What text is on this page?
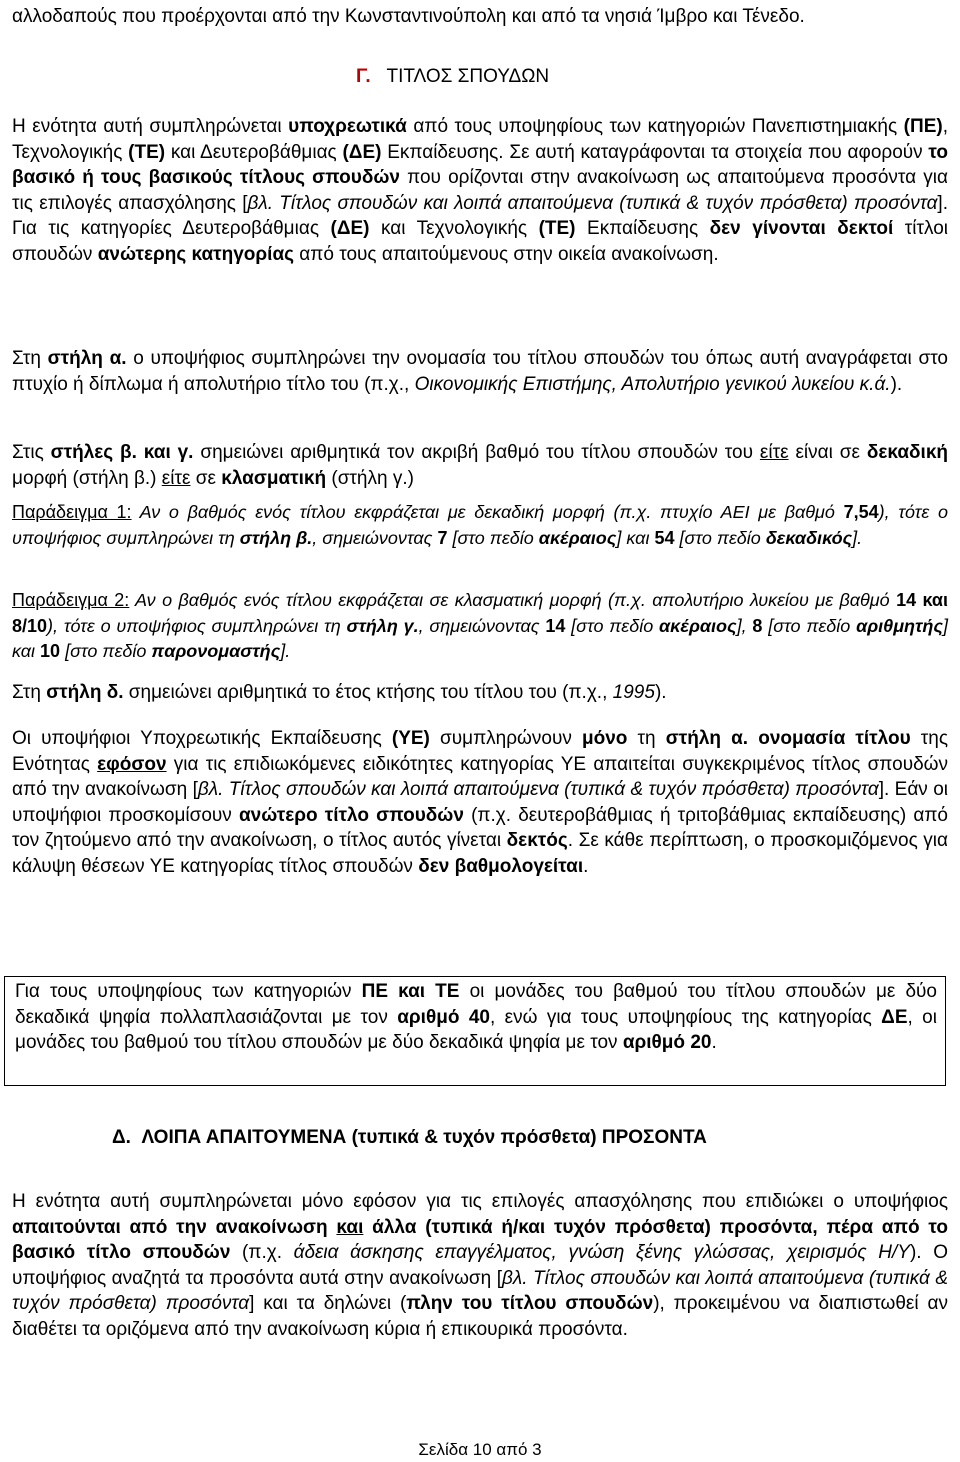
αλλοδαπούς που προέρχονται από την Κωνσταντινούπολη και από τα νησιά Ίμβρο και Τένεδο.

Η ενότητα αυτή συμπληρώνεται υποχρεωτικά από τους υποψηφίους των κατηγοριών Πανεπιστημιακής (ΠΕ), Τεχνολογικής (ΤΕ) και Δευτεροβάθμιας (ΔΕ) Εκπαίδευσης. Σε αυτή καταγράφονται τα στοιχεία που αφορούν το βασικό ή τους βασικούς τίτλους σπουδών που ορίζονται στην ανακοίνωση ως απαιτούμενα προσόντα για τις επιλογές απασχόλησης [βλ. Τίτλος σπουδών και λοιπά απαιτούμενα (τυπικά & τυχόν πρόσθετα) προσόντα]. Για τις κατηγορίες Δευτεροβάθμιας (ΔΕ) και Τεχνολογικής (ΤΕ) Εκπαίδευσης δεν γίνονται δεκτοί τίτλοι σπουδών ανώτερης κατηγορίας από τους απαιτούμενους στην οικεία ανακοίνωση.

Στη στήλη α. ο υποψήφιος συμπληρώνει την ονομασία του τίτλου σπουδών του όπως αυτή αναγράφεται στο πτυχίο ή δίπλωμα ή απολυτήριο τίτλο του (π.χ., Οικονομικής Επιστήμης, Απολυτήριο γενικού λυκείου κ.ά.).

Στις στήλες β. και γ. σημειώνει αριθμητικά τον ακριβή βαθμό του τίτλου σπουδών του είτε είναι σε δεκαδική μορφή (στήλη β.) είτε σε κλασματική (στήλη γ.)

Παράδειγμα 1: Αν ο βαθμός ενός τίτλου εκφράζεται με δεκαδική μορφή (π.χ. πτυχίο ΑΕΙ με βαθμό 7,54), τότε ο υποψήφιος συμπληρώνει τη στήλη β., σημειώνοντας 7 [στο πεδίο ακέραιος] και 54 [στο πεδίο δεκαδικός].

Παράδειγμα 2: Αν ο βαθμός ενός τίτλου εκφράζεται σε κλασματική μορφή (π.χ. απολυτήριο λυκείου με βαθμό 14 και 8/10), τότε ο υποψήφιος συμπληρώνει τη στήλη γ., σημειώνοντας 14 [στο πεδίο ακέραιος], 8 [στο πεδίο αριθμητής] και 10 [στο πεδίο παρονομαστής].

Στη στήλη δ. σημειώνει αριθμητικά το έτος κτήσης του τίτλου του (π.χ., 1995).

Οι υποψήφιοι Υποχρεωτικής Εκπαίδευσης (ΥΕ) συμπληρώνουν μόνο τη στήλη α. ονομασία τίτλου της Ενότητας εφόσον για τις επιδιωκόμενες ειδικότητες κατηγορίας ΥΕ απαιτείται συγκεκριμένος τίτλος σπουδών από την ανακοίνωση [βλ. Τίτλος σπουδών και λοιπά απαιτούμενα (τυπικά & τυχόν πρόσθετα) προσόντα]. Εάν οι υποψήφιοι προσκομίσουν ανώτερο τίτλο σπουδών (π.χ. δευτεροβάθμιας ή τριτοβάθμιας εκπαίδευσης) από τον ζητούμενο από την ανακοίνωση, ο τίτλος αυτός γίνεται δεκτός. Σε κάθε περίπτωση, ο προσκομιζόμενος για κάλυψη θέσεων ΥΕ κατηγορίας τίτλος σπουδών δεν βαθμολογείται.

Η ενότητα αυτή συμπληρώνεται μόνο εφόσον για τις επιλογές απασχόλησης που επιδιώκει ο υποψήφιος απαιτούνται από την ανακοίνωση και άλλα (τυπικά ή/και τυχόν πρόσθετα) προσόντα, πέρα από το βασικό τίτλο σπουδών (π.χ. άδεια άσκησης επαγγέλματος, γνώση ξένης γλώσσας, χειρισμός Η/Υ). Ο υποψήφιος αναζητά τα προσόντα αυτά στην ανακοίνωση [βλ. Τίτλος σπουδών και λοιπά απαιτούμενα (τυπικά & τυχόν πρόσθετα) προσόντα] και τα δηλώνει (πλην του τίτλου σπουδών), προκειμένου να διαπιστωθεί αν διαθέτει τα οριζόμενα από την ανακοίνωση κύρια ή επικουρικά προσόντα.

Γ. ΤΙΤΛΟΣ ΣΠΟΥΔΩΝ

Για τους υποψηφίους των κατηγοριών ΠΕ και ΤΕ οι μονάδες του βαθμού του τίτλου σπουδών με δύο δεκαδικά ψηφία πολλαπλασιάζονται με τον αριθμό 40, ενώ για τους υποψηφίους της κατηγορίας ΔΕ, οι μονάδες του βαθμού του τίτλου σπουδών με δύο δεκαδικά ψηφία με τον αριθμό 20.

Δ. ΛΟΙΠΑ ΑΠΑΙΤΟΥΜΕΝΑ (τυπικά & τυχόν πρόσθετα) ΠΡΟΣΟΝΤΑ
Σελίδα 10 από 3
